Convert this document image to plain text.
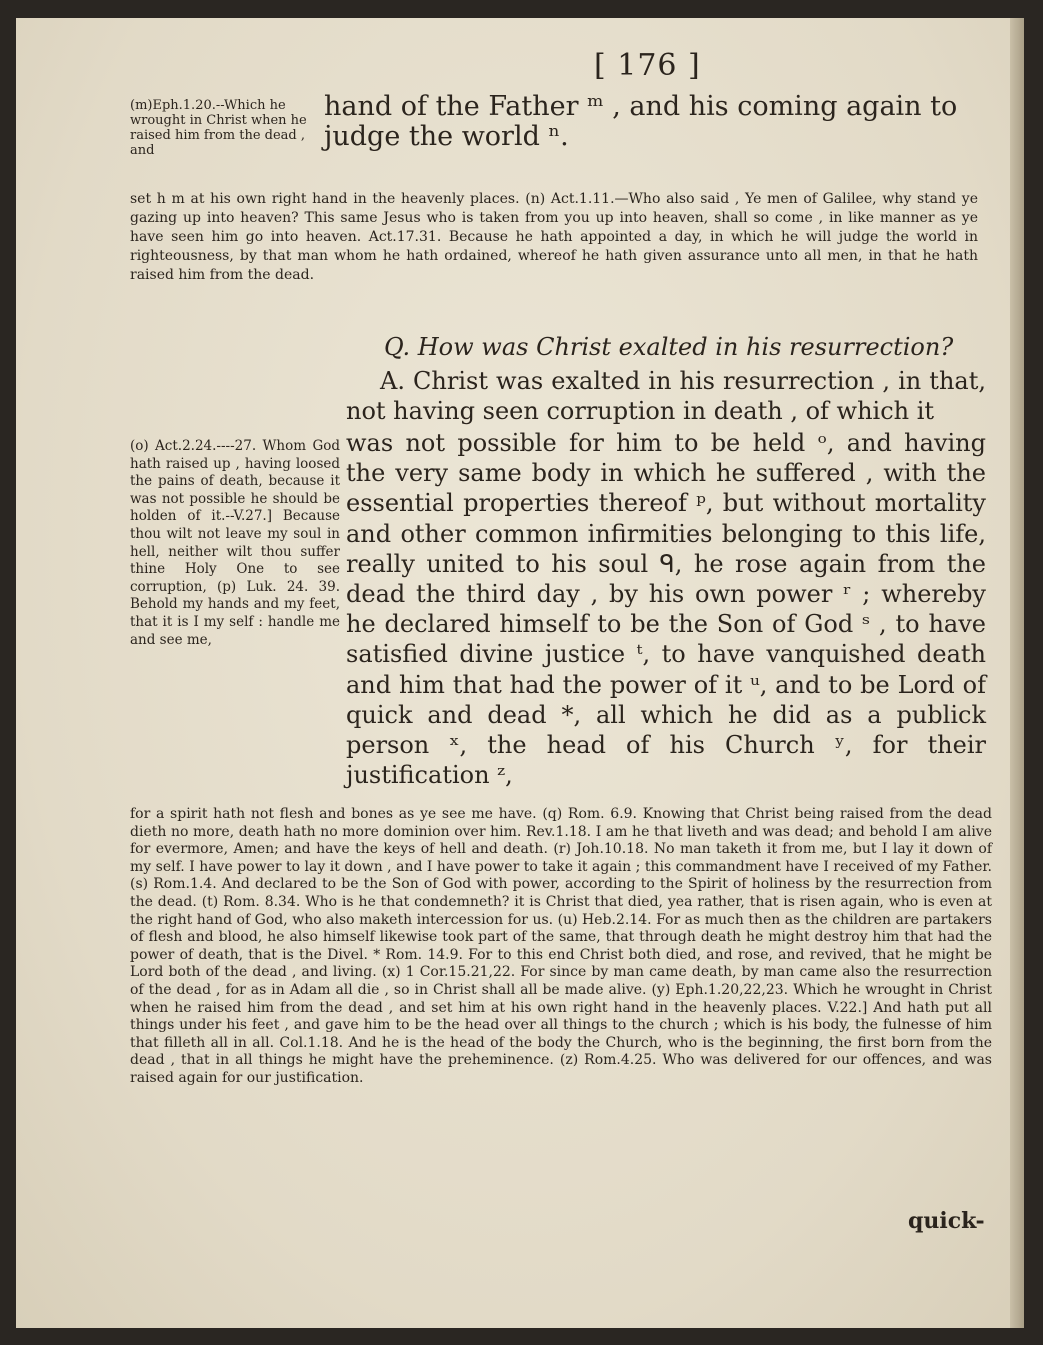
[ 176 ]
(m)Eph.1.20.--Which he wrought in Christ when he raised him from the dead , and
hand of the Father ᵐ , and his coming again to judge the world ⁿ.
set h m at his own right hand in the heavenly places. (n) Act.1.11.—Who also said , Ye men of Galilee, why stand ye gazing up into heaven? This same Jesus who is taken from you up into heaven, shall so come , in like manner as ye have seen him go into heaven. Act.17.31. Because he hath appointed a day, in which he will judge the world in righteousness, by that man whom he hath ordained, whereof he hath given assurance unto all men, in that he hath raised him from the dead.
Q. How was Christ exalted in his resurrection?
A. Christ was exalted in his resurrection , in that, not having seen corruption in death , of which it
(o) Act.2.24.----27. Whom God hath raised up , having loosed the pains of death, because it was not possible he should be holden of it.--V.27.] Because thou wilt not leave my soul in hell, neither wilt thou suffer thine Holy One to see corruption, (p) Luk. 24. 39. Behold my hands and my feet, that it is I my self : handle me and see me,
was not possible for him to be held ᵒ, and having the very same body in which he suffered , with the essential properties thereof ᵖ, but without mortality and other common infirmities belonging to this life, really united to his soul ᑫ, he rose again from the dead the third day , by his own power ʳ ; whereby he declared himself to be the Son of God ˢ , to have satisfied divine justice ᵗ, to have vanquished death and him that had the power of it ᵘ, and to be Lord of quick and dead *, all which he did as a publick person ˣ, the head of his Church ʸ, for their justification ᶻ,
for a spirit hath not flesh and bones as ye see me have. (q) Rom. 6.9. Knowing that Christ being raised from the dead dieth no more, death hath no more dominion over him. Rev.1.18. I am he that liveth and was dead; and behold I am alive for evermore, Amen; and have the keys of hell and death. (r) Joh.10.18. No man taketh it from me, but I lay it down of my self. I have power to lay it down , and I have power to take it again ; this commandment have I received of my Father. (s) Rom.1.4. And declared to be the Son of God with power, according to the Spirit of holiness by the resurrection from the dead. (t) Rom. 8.34. Who is he that condemneth? it is Christ that died, yea rather, that is risen again, who is even at the right hand of God, who also maketh intercession for us. (u) Heb.2.14. For as much then as the children are partakers of flesh and blood, he also himself likewise took part of the same, that through death he might destroy him that had the power of death, that is the Divel. * Rom. 14.9. For to this end Christ both died, and rose, and revived, that he might be Lord both of the dead , and living. (x) 1 Cor.15.21,22. For since by man came death, by man came also the resurrection of the dead , for as in Adam all die , so in Christ shall all be made alive. (y) Eph.1.20,22,23. Which he wrought in Christ when he raised him from the dead , and set him at his own right hand in the heavenly places. V.22.] And hath put all things under his feet , and gave him to be the head over all things to the church ; which is his body, the fulnesse of him that filleth all in all. Col.1.18. And he is the head of the body the Church, who is the beginning, the first born from the dead , that in all things he might have the preheminence. (z) Rom.4.25. Who was delivered for our offences, and was raised again for our justification.
quick-
